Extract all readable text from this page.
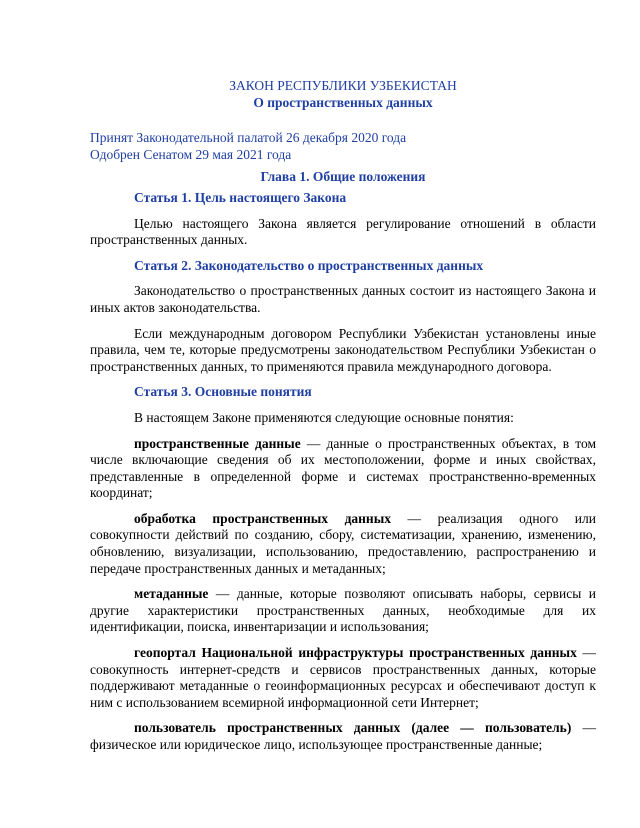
ЗАКОН РЕСПУБЛИКИ УЗБЕКИСТАН
О пространственных данных
Принят Законодательной палатой 26 декабря 2020 года
Одобрен Сенатом 29 мая 2021 года
Глава 1. Общие положения
Статья 1. Цель настоящего Закона

Целью настоящего Закона является регулирование отношений в области пространственных данных.

Статья 2. Законодательство о пространственных данных

Законодательство о пространственных данных состоит из настоящего Закона и иных актов законодательства.

Если международным договором Республики Узбекистан установлены иные правила, чем те, которые предусмотрены законодательством Республики Узбекистан о пространственных данных, то применяются правила международного договора.

Статья 3. Основные понятия

В настоящем Законе применяются следующие основные понятия:

пространственные данные — данные о пространственных объектах, в том числе включающие сведения об их местоположении, форме и иных свойствах, представленные в определенной форме и системах пространственно-временных координат;

обработка пространственных данных — реализация одного или совокупности действий по созданию, сбору, систематизации, хранению, изменению, обновлению, визуализации, использованию, предоставлению, распространению и передаче пространственных данных и метаданных;

метаданные — данные, которые позволяют описывать наборы, сервисы и другие характеристики пространственных данных, необходимые для их идентификации, поиска, инвентаризации и использования;

геопортал Национальной инфраструктуры пространственных данных — совокупность интернет-средств и сервисов пространственных данных, которые поддерживают метаданные о геоинформационных ресурсах и обеспечивают доступ к ним с использованием всемирной информационной сети Интернет;

пользователь пространственных данных (далее — пользователь) — физическое или юридическое лицо, использующее пространственные данные;
